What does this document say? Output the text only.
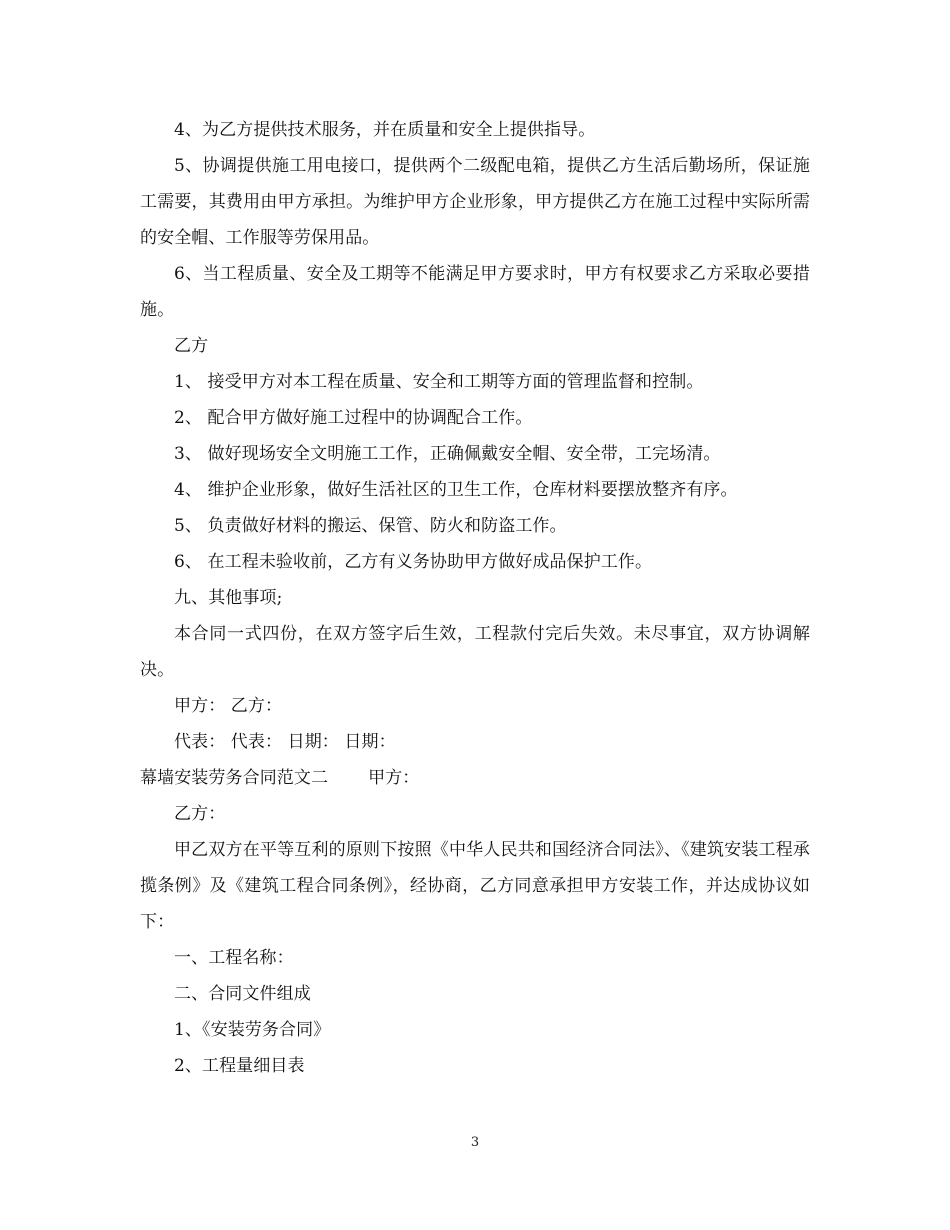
4、为乙方提供技术服务，并在质量和安全上提供指导。

5、协调提供施工用电接口，提供两个二级配电箱，提供乙方生活后勤场所，保证施工需要，其费用由甲方承担。为维护甲方企业形象，甲方提供乙方在施工过程中实际所需的安全帽、工作服等劳保用品。

6、当工程质量、安全及工期等不能满足甲方要求时，甲方有权要求乙方采取必要措施。

乙方

1、 接受甲方对本工程在质量、安全和工期等方面的管理监督和控制。

2、 配合甲方做好施工过程中的协调配合工作。

3、 做好现场安全文明施工工作，正确佩戴安全帽、安全带，工完场清。

4、 维护企业形象，做好生活社区的卫生工作，仓库材料要摆放整齐有序。

5、 负责做好材料的搬运、保管、防火和防盗工作。

6、 在工程未验收前，乙方有义务协助甲方做好成品保护工作。

九、其他事项;

本合同一式四份，在双方签字后生效，工程款付完后失效。未尽事宜，双方协调解决。

甲方： 乙方：

代表： 代表： 日期： 日期：

幕墙安装劳务合同范文二 甲方：

乙方：

甲乙双方在平等互利的原则下按照《中华人民共和国经济合同法》、《建筑安装工程承揽条例》及《建筑工程合同条例》，经协商，乙方同意承担甲方安装工作，并达成协议如下：

一、工程名称：

二、合同文件组成

1、《安装劳务合同》

2、工程量细目表

3
